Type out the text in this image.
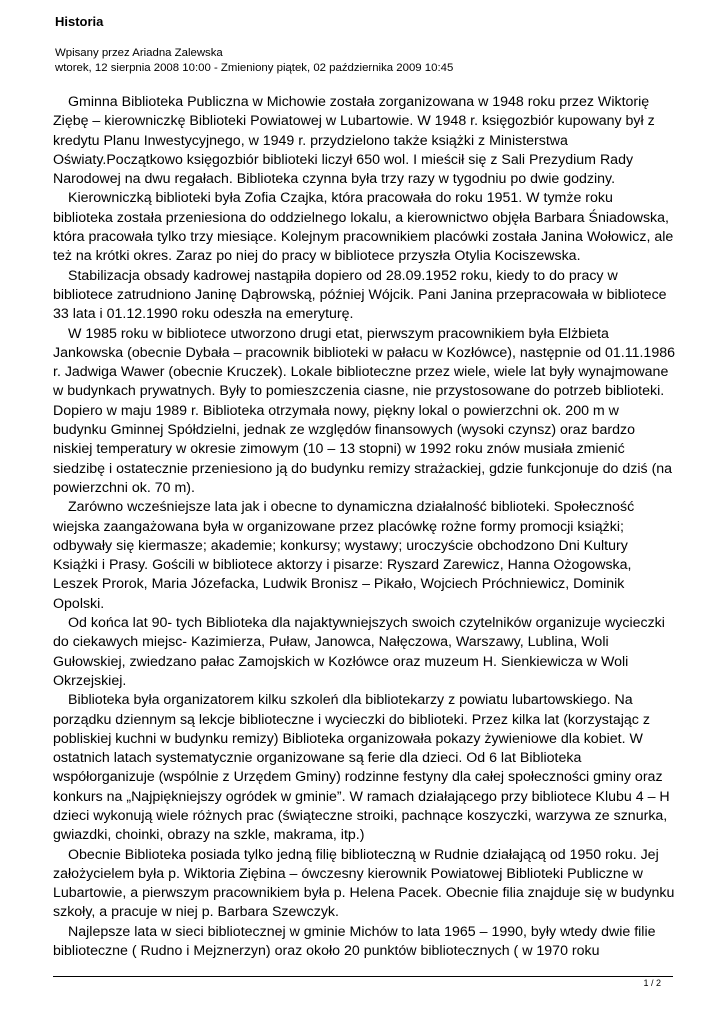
Historia
Wpisany przez Ariadna Zalewska
wtorek, 12 sierpnia 2008 10:00 - Zmieniony piątek, 02 października 2009 10:45

Gminna Biblioteka Publiczna w Michowie została zorganizowana w 1948 roku przez Wiktorię Ziębę – kierowniczkę Biblioteki Powiatowej w Lubartowie. W 1948 r. księgozbiór kupowany był z kredytu Planu Inwestycyjnego, w 1949 r. przydzielono także książki z Ministerstwa Oświaty.Początkowo księgozbiór biblioteki liczył 650 wol. I mieścił się z Sali Prezydium Rady Narodowej na dwu regałach. Biblioteka czynna była trzy razy w tygodniu po dwie godziny.

Kierowniczką biblioteki była Zofia Czajka, która pracowała do roku 1951. W tymże roku biblioteka została przeniesiona do oddzielnego lokalu, a kierownictwo objęła Barbara Śniadowska, która pracowała tylko trzy miesiące. Kolejnym pracownikiem placówki została Janina Wołowicz, ale też na krótki okres. Zaraz po niej do pracy w bibliotece przyszła Otylia Kociszewska.

Stabilizacja obsady kadrowej nastąpiła dopiero od 28.09.1952 roku, kiedy to do pracy w bibliotece zatrudniono Janinę Dąbrowską, później Wójcik. Pani Janina przepracowała w bibliotece 33 lata i 01.12.1990 roku odeszła na emeryturę.

W 1985 roku w bibliotece utworzono drugi etat, pierwszym pracownikiem była Elżbieta Jankowska (obecnie Dybała – pracownik biblioteki w pałacu w Kozłówce), następnie od 01.11.1986 r. Jadwiga Wawer (obecnie Kruczek). Lokale biblioteczne przez wiele, wiele lat były wynajmowane w budynkach prywatnych. Były to pomieszczenia ciasne, nie przystosowane do potrzeb biblioteki. Dopiero w maju 1989 r. Biblioteka otrzymała nowy, piękny lokal o powierzchni ok. 200 m w budynku Gminnej Spółdzielni, jednak ze względów finansowych (wysoki czynsz) oraz bardzo niskiej temperatury w okresie zimowym (10 – 13 stopni) w 1992 roku znów musiała zmienić siedzibę i ostatecznie przeniesiono ją do budynku remizy strażackiej, gdzie funkcjonuje do dziś (na powierzchni ok. 70 m).

Zarówno wcześniejsze lata jak i obecne to dynamiczna działalność biblioteki. Społeczność wiejska zaangażowana była w organizowane przez placówkę rożne formy promocji książki; odbywały się kiermasze; akademie; konkursy; wystawy; uroczyście obchodzono Dni Kultury Książki i Prasy. Gościli w bibliotece aktorzy i pisarze: Ryszard Zarewicz, Hanna Ożogowska, Leszek Prorok, Maria Józefacka, Ludwik Bronisz – Pikało, Wojciech Próchniewicz, Dominik Opolski.

Od końca lat 90- tych Biblioteka dla najaktywniejszych swoich czytelników organizuje wycieczki do ciekawych miejsc- Kazimierza, Puław, Janowca, Nałęczowa, Warszawy, Lublina, Woli Gułowskiej, zwiedzano pałac Zamojskich w Kozłówce oraz muzeum H. Sienkiewicza w Woli Okrzejskiej.

Biblioteka była organizatorem kilku szkoleń dla bibliotekarzy z powiatu lubartowskiego. Na porządku dziennym są lekcje biblioteczne i wycieczki do biblioteki. Przez kilka lat (korzystając z pobliskiej kuchni w budynku remizy) Biblioteka organizowała pokazy żywieniowe dla kobiet. W ostatnich latach systematycznie organizowane są ferie dla dzieci. Od 6 lat Biblioteka współorganizuje (wspólnie z Urzędem Gminy) rodzinne festyny dla całej społeczności gminy oraz konkurs na „Najpiękniejszy ogródek w gminie”. W ramach działającego przy bibliotece Klubu 4 – H dzieci wykonują wiele różnych prac (świąteczne stroiki, pachnące koszyczki, warzywa ze sznurka, gwiazdki, choinki, obrazy na szkle, makrama, itp.)

Obecnie Biblioteka posiada tylko jedną filię biblioteczną w Rudnie działającą od 1950 roku. Jej założycielem była p. Wiktoria Ziębina – ówczesny kierownik Powiatowej Biblioteki Publiczne w Lubartowie, a pierwszym pracownikiem była p. Helena Pacek. Obecnie filia znajduje się w budynku szkoły, a pracuje w niej p. Barbara Szewczyk.

Najlepsze lata w sieci bibliotecznej w gminie Michów to lata 1965 – 1990, były wtedy dwie filie biblioteczne ( Rudno i Mejznerzyn) oraz około 20 punktów bibliotecznych ( w 1970 roku

1 / 2
